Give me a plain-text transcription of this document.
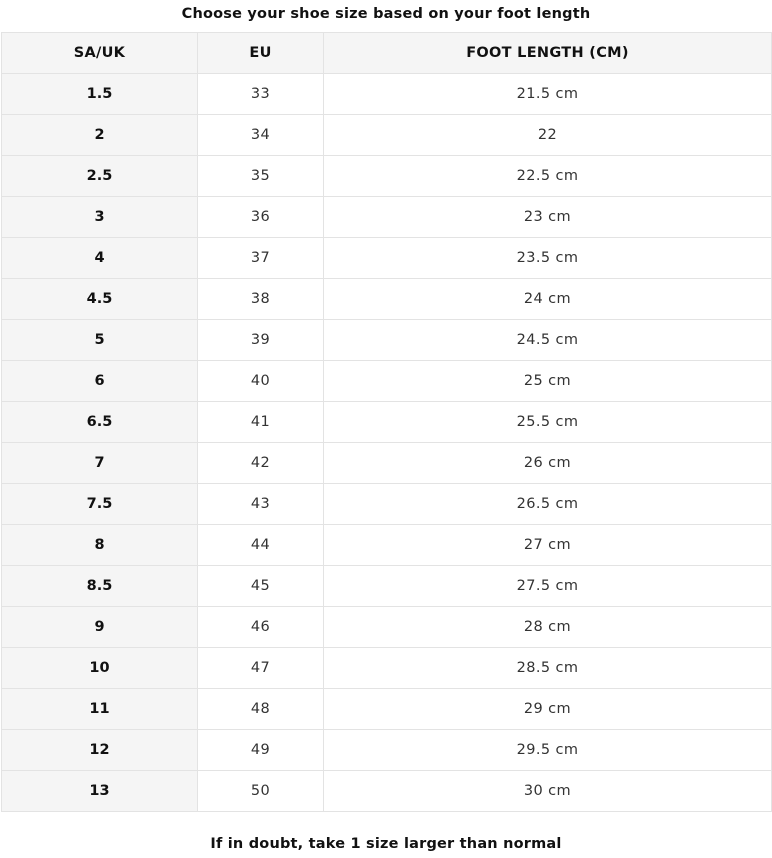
Choose your shoe size based on your foot length
SA/UK	EU	FOOT LENGTH (CM)
1.5	33	21.5 cm
2	34	22
2.5	35	22.5 cm
3	36	23 cm
4	37	23.5 cm
4.5	38	24 cm
5	39	24.5 cm
6	40	25 cm
6.5	41	25.5 cm
7	42	26 cm
7.5	43	26.5 cm
8	44	27 cm
8.5	45	27.5 cm
9	46	28 cm
10	47	28.5 cm
11	48	29 cm
12	49	29.5 cm
13	50	30 cm
If in doubt, take 1 size larger than normal
